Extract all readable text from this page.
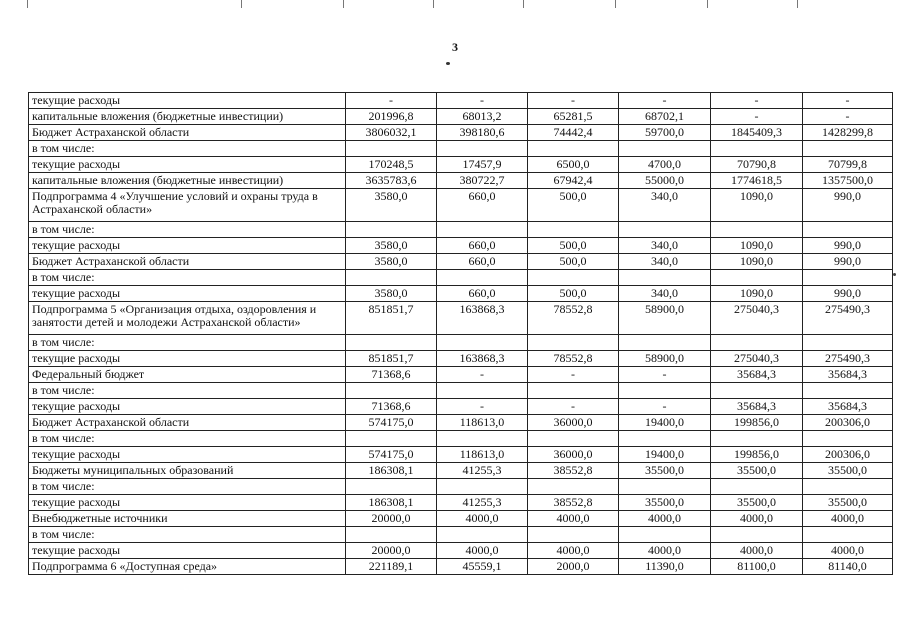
3
текущие расходы	-	-	-	-	-	-
капитальные вложения (бюджетные инвестиции)	201996,8	68013,2	65281,5	68702,1	-	-
Бюджет Астраханской области	3806032,1	398180,6	74442,4	59700,0	1845409,3	1428299,8
в том числе:						
текущие расходы	170248,5	17457,9	6500,0	4700,0	70790,8	70799,8
капитальные вложения (бюджетные инвестиции)	3635783,6	380722,7	67942,4	55000,0	1774618,5	1357500,0
Подпрограмма 4 «Улучшение условий и охраны труда в Астраханской области»	3580,0	660,0	500,0	340,0	1090,0	990,0
в том числе:						
текущие расходы	3580,0	660,0	500,0	340,0	1090,0	990,0
Бюджет Астраханской области	3580,0	660,0	500,0	340,0	1090,0	990,0
в том числе:						
текущие расходы	3580,0	660,0	500,0	340,0	1090,0	990,0
Подпрограмма 5 «Организация отдыха, оздоровления и занятости детей и молодежи Астраханской области»	851851,7	163868,3	78552,8	58900,0	275040,3	275490,3
в том числе:						
текущие расходы	851851,7	163868,3	78552,8	58900,0	275040,3	275490,3
Федеральный бюджет	71368,6	-	-	-	35684,3	35684,3
в том числе:						
текущие расходы	71368,6	-	-	-	35684,3	35684,3
Бюджет Астраханской области	574175,0	118613,0	36000,0	19400,0	199856,0	200306,0
в том числе:						
текущие расходы	574175,0	118613,0	36000,0	19400,0	199856,0	200306,0
Бюджеты муниципальных образований	186308,1	41255,3	38552,8	35500,0	35500,0	35500,0
в том числе:						
текущие расходы	186308,1	41255,3	38552,8	35500,0	35500,0	35500,0
Внебюджетные источники	20000,0	4000,0	4000,0	4000,0	4000,0	4000,0
в том числе:						
текущие расходы	20000,0	4000,0	4000,0	4000,0	4000,0	4000,0
Подпрограмма 6 «Доступная среда»	221189,1	45559,1	2000,0	11390,0	81100,0	81140,0
